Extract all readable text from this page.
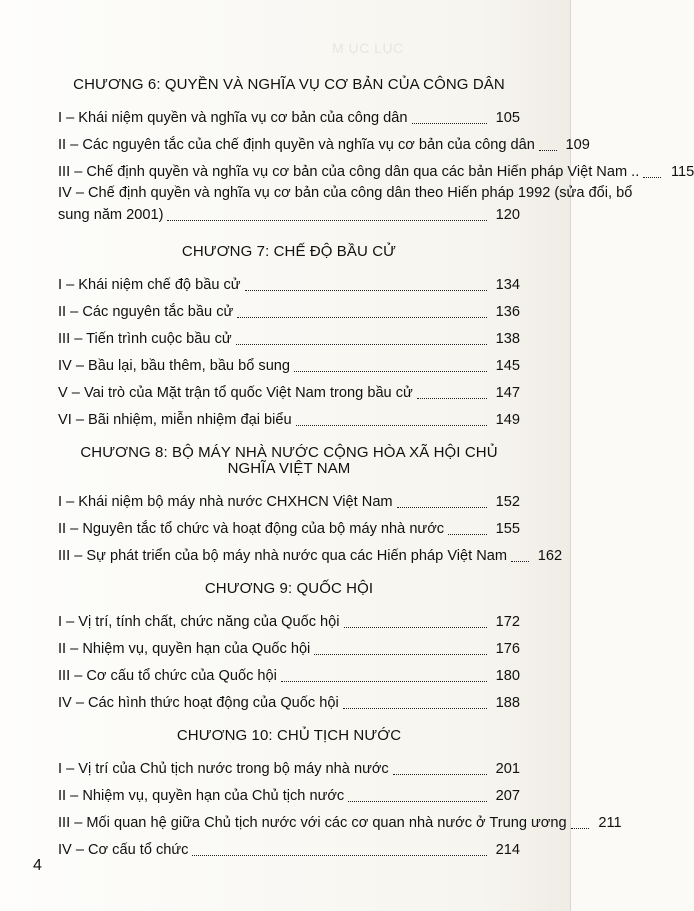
M ỤC LỤC
CHƯƠNG 6: QUYỀN VÀ NGHĨA VỤ CƠ BẢN CỦA CÔNG DÂN
I – Khái niệm quyền và nghĩa vụ cơ bản của công dân	105
II – Các nguyên tắc của chế định quyền và nghĩa vụ cơ bản của công dân 109
III – Chế định quyền và nghĩa vụ cơ bản của công dân qua các bản Hiến pháp Việt Nam .. 115
IV – Chế định quyền và nghĩa vụ cơ bản của công dân theo Hiến pháp 1992 (sửa đổi, bổ
sung năm 2001)	120
CHƯƠNG 7: CHẾ ĐỘ BẦU CỬ
I – Khái niệm chế độ bầu cử	134
II – Các nguyên tắc bầu cử	136
III – Tiến trình cuộc bầu cử	138
IV – Bầu lại, bầu thêm, bầu bổ sung	145
V – Vai trò của Mặt trận tổ quốc Việt Nam trong bầu cử	147
VI – Bãi nhiệm, miễn nhiệm đại biểu	149
CHƯƠNG 8: BỘ MÁY NHÀ NƯỚC CỘNG HÒA XÃ HỘI CHỦ NGHĨA VIỆT NAM
I – Khái niệm bộ máy nhà nước CHXHCN Việt Nam	152
II – Nguyên tắc tổ chức và hoạt động của bộ máy nhà nước	155
III – Sự phát triển của bộ máy nhà nước qua các Hiến pháp Việt Nam 162
CHƯƠNG 9: QUỐC HỘI
I – Vị trí, tính chất, chức năng của Quốc hội	172
II – Nhiệm vụ, quyền hạn của Quốc hội	176
III – Cơ cấu tổ chức của Quốc hội	180
IV – Các hình thức hoạt động của Quốc hội	188
CHƯƠNG 10: CHỦ TỊCH NƯỚC
I – Vị trí của Chủ tịch nước trong bộ máy nhà nước	201
II – Nhiệm vụ, quyền hạn của Chủ tịch nước	207
III – Mối quan hệ giữa Chủ tịch nước với các cơ quan nhà nước ở Trung ương 211
IV – Cơ cấu tổ chức	214
4
